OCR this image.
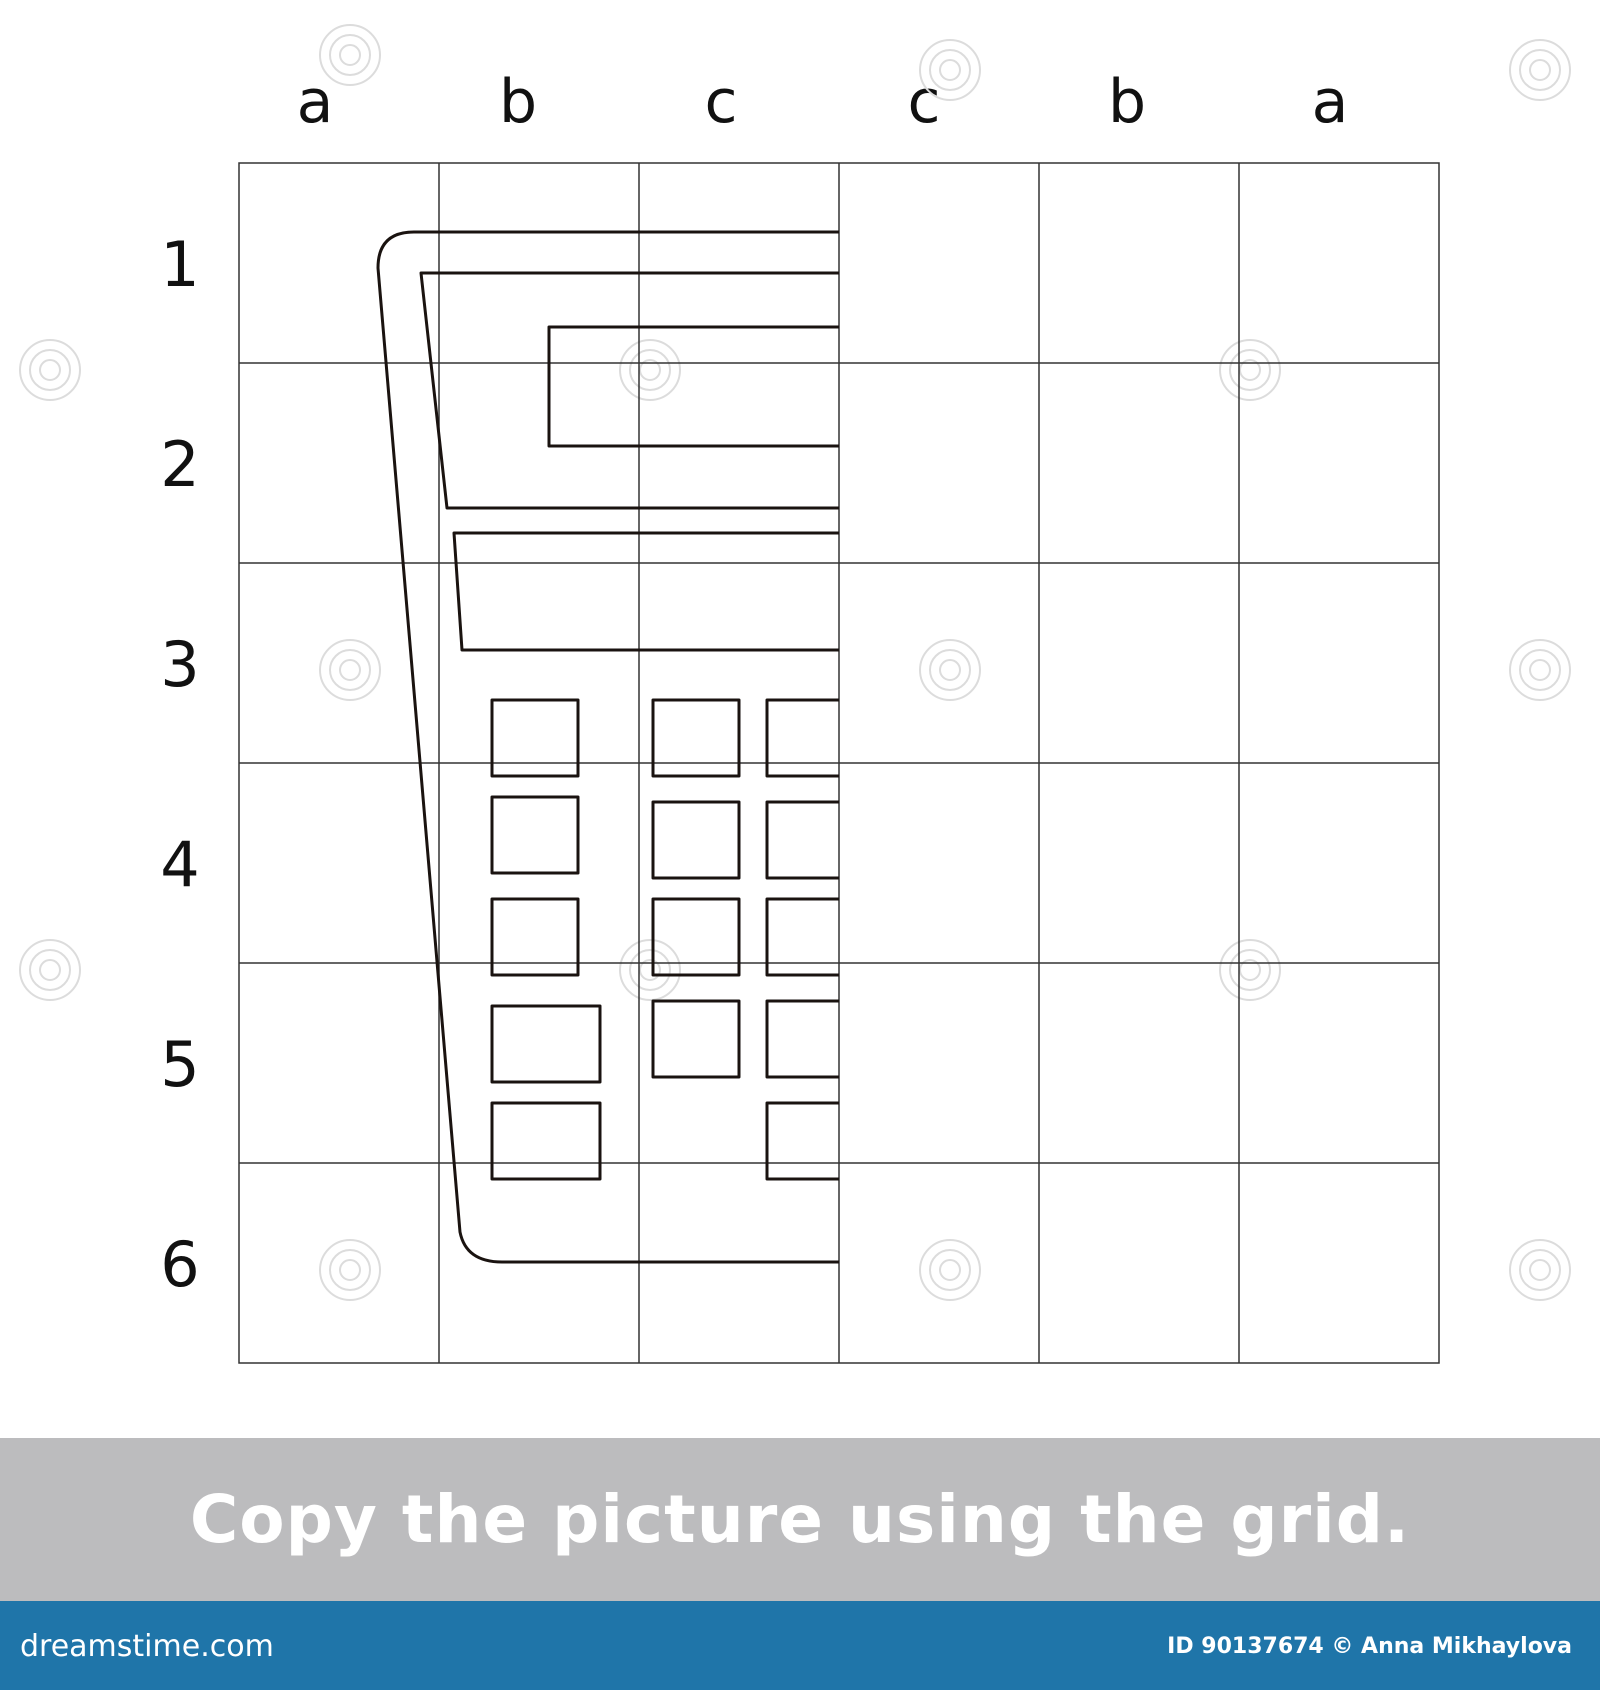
a	b	c	c	b	a
1
2
3
4
5
6
Copy the picture using the grid.
dreamstime.com	ID 90137674 © Anna Mikhaylova
